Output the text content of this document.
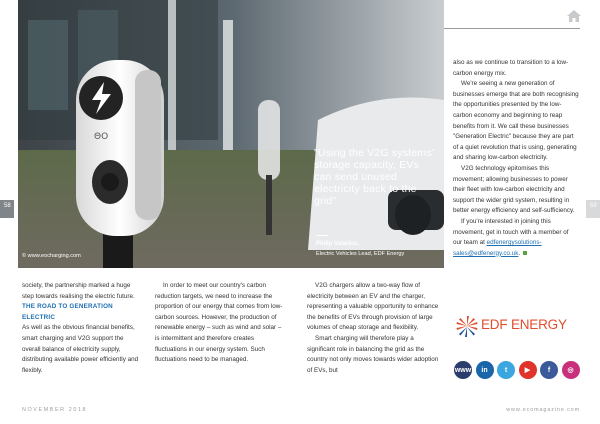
ΘO
58	59
© www.eocharging.com
"Using the V2G systems' storage capacity, EVs can send unused electricity back to the grid"
Philip Valarino,
Electric Vehicles Lead, EDF Energy

society, the partnership marked a huge step towards realising the electric future.

THE ROAD TO GENERATION ELECTRIC

As well as the obvious financial benefits, smart charging and V2G support the overall balance of electricity supply, distributing available power efficiently and flexibly.

In order to meet our country's carbon reduction targets, we need to increase the proportion of our energy that comes from low-carbon sources. However, the production of renewable energy – such as wind and solar – is intermittent and therefore creates fluctuations in our energy system. Such fluctuations need to be managed.

V2G chargers allow a two-way flow of electricity between an EV and the charger, representing a valuable opportunity to enhance the benefits of EVs through provision of large volumes of cheap storage and flexibility.

Smart charging will therefore play a significant role in balancing the grid as the country not only moves towards wider adoption of EVs, but

also as we continue to transition to a low-carbon energy mix.

We're seeing a new generation of businesses emerge that are both recognising the opportunities presented by the low-carbon economy and beginning to reap benefits from it. We call these businesses "Generation Electric" because they are part of a quiet revolution that is using, generating and sharing low-carbon electricity.

V2G technology epitomises this movement; allowing businesses to power their fleet with low-carbon electricity and support the wider grid system, resulting in better energy efficiency and self-sufficiency.

If you're interested in joining this movement, get in touch with a member of our team at edfenergysolutions-sales@edfenergy.co.uk.

EDF ENERGY
www	in	t	▶	f	◎
NOVEMBER 2018	www.ecomagazine.com
